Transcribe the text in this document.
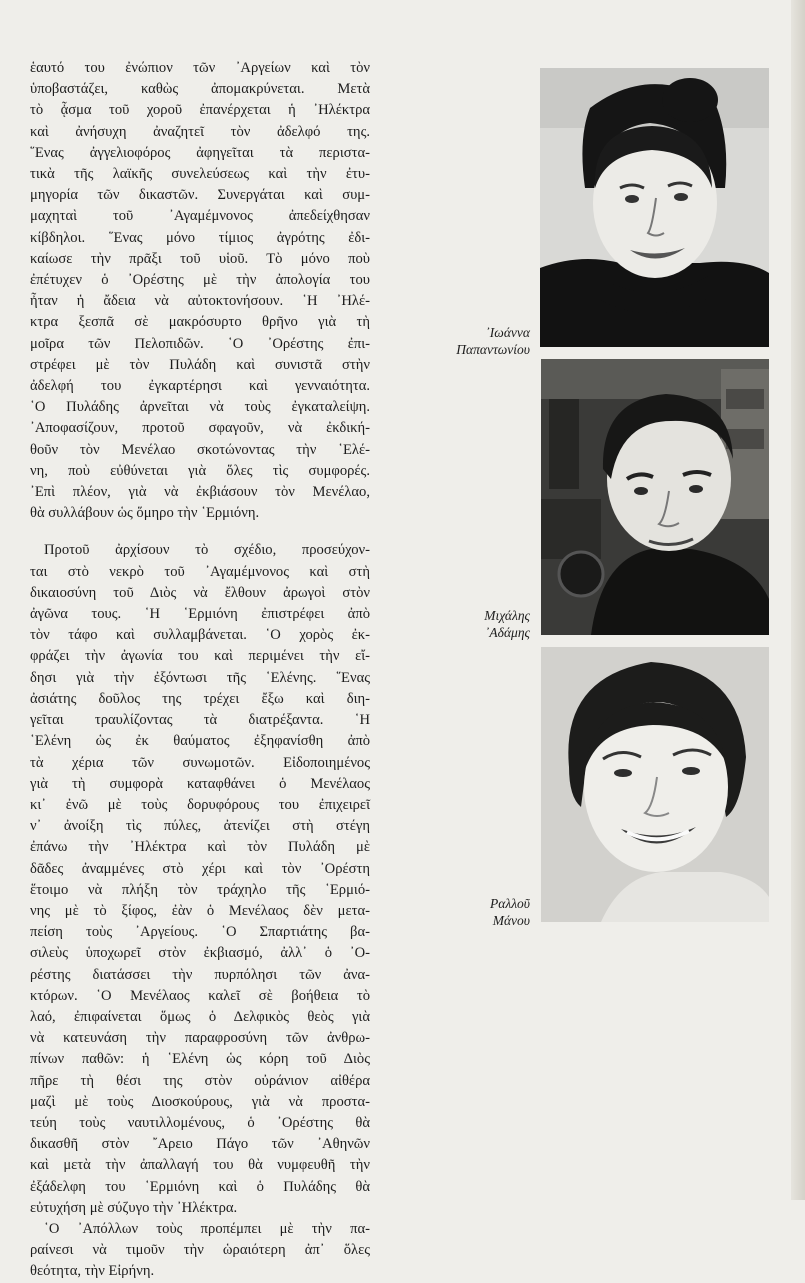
ἑαυτό του ἐνώπιον τῶν ᾿Αργείων καὶ τὸν
ὑποβαστάζει, καθὼς ἀπομακρύνεται. Μετὰ
τὸ ᾆσμα τοῦ χοροῦ ἐπανέρχεται ἡ ᾿Ηλέκτρα
καὶ ἀνήσυχη ἀναζητεῖ τὸν ἀδελφό της.
῞Ενας ἀγγελιοφόρος ἀφηγεῖται τὰ περιστα-
τικὰ τῆς λαϊκῆς συνελεύσεως καὶ τὴν ἐτυ-
μηγορία τῶν δικαστῶν. Συνεργάται καὶ συμ-
μαχηταὶ τοῦ ᾿Αγαμέμνονος ἀπεδείχθησαν
κίβδηλοι. ῞Ενας μόνο τίμιος ἀγρότης ἐδι-
καίωσε τὴν πρᾶξι τοῦ υἱοῦ. Τὸ μόνο ποὺ
ἐπέτυχεν ὁ ᾿Ορέστης μὲ τὴν ἀπολογία του
ἦταν ἡ ἄδεια νὰ αὐτοκτονήσουν. ῾Η ᾿Ηλέ-
κτρα ξεσπᾶ σὲ μακρόσυρτο θρῆνο γιὰ τὴ
μοῖρα τῶν Πελοπιδῶν. ῾Ο ᾿Ορέστης ἐπι-
στρέφει μὲ τὸν Πυλάδη καὶ συνιστᾶ στὴν
ἀδελφή του ἐγκαρτέρησι καὶ γενναιότητα.
῾Ο Πυλάδης ἀρνεῖται νὰ τοὺς ἐγκαταλείψη.
᾿Αποφασίζουν, προτοῦ σφαγοῦν, νὰ ἐκδική-
θοῦν τὸν Μενέλαο σκοτώνοντας τὴν ῾Ελέ-
νη, ποὺ εὐθύνεται γιὰ ὅλες τὶς συμφορές.
᾿Επὶ πλέον, γιὰ νὰ ἐκβιάσουν τὸν Μενέλαο,
θὰ συλλάβουν ὡς ὅμηρο τὴν ῾Ερμιόνη.

Προτοῦ ἀρχίσουν τὸ σχέδιο, προσεύχον-
ται στὸ νεκρὸ τοῦ ᾿Αγαμέμνονος καὶ στὴ
δικαιοσύνη τοῦ Διὸς νὰ ἔλθουν ἀρωγοὶ στὸν
ἀγῶνα τους. ῾Η ῾Ερμιόνη ἐπιστρέφει ἀπὸ
τὸν τάφο καὶ συλλαμβάνεται. ῾Ο χορὸς ἐκ-
φράζει τὴν ἀγωνία του καὶ περιμένει τὴν εἴ-
δησι γιὰ τὴν ἐξόντωσι τῆς ῾Ελένης. ῞Ενας
ἀσιάτης δοῦλος της τρέχει ἔξω καὶ διη-
γεῖται τραυλίζοντας τὰ διατρέξαντα. ῾Η
῾Ελένη ὡς ἐκ θαύματος ἐξηφανίσθη ἀπὸ
τὰ χέρια τῶν συνωμοτῶν. Εἰδοποιημένος
γιὰ τὴ συμφορὰ καταφθάνει ὁ Μενέλαος
κι᾿ ἐνῶ μὲ τοὺς δορυφόρους του ἐπιχειρεῖ
ν᾿ ἀνοίξη τὶς πύλες, ἀτενίζει στὴ στέγη
ἐπάνω τὴν ᾿Ηλέκτρα καὶ τὸν Πυλάδη μὲ
δᾶδες ἀναμμένες στὸ χέρι καὶ τὸν ᾿Ορέστη
ἕτοιμο νὰ πλήξη τὸν τράχηλο τῆς ῾Ερμιό-
νης μὲ τὸ ξίφος, ἐὰν ὁ Μενέλαος δὲν μετα-
πείση τοὺς ᾿Αργείους. ῾Ο Σπαρτιάτης βα-
σιλεὺς ὑποχωρεῖ στὸν ἐκβιασμό, ἀλλ᾿ ὁ ᾿Ο-
ρέστης διατάσσει τὴν πυρπόλησι τῶν ἀνα-
κτόρων. ῾Ο Μενέλαος καλεῖ σὲ βοήθεια τὸ
λαό, ἐπιφαίνεται ὅμως ὁ Δελφικὸς θεὸς γιὰ
νὰ κατευνάση τὴν παραφροσύνη τῶν ἀνθρω-
πίνων παθῶν: ἡ ῾Ελένη ὡς κόρη τοῦ Διὸς
πῆρε τὴ θέσι της στὸν οὐράνιον αἰθέρα
μαζὶ μὲ τοὺς Διοσκούρους, γιὰ νὰ προστα-
τεύη τοὺς ναυτιλλομένους, ὁ ᾿Ορέστης θὰ
δικασθῆ στὸν ῎Αρειο Πάγο τῶν ᾿Αθηνῶν
καὶ μετὰ τὴν ἀπαλλαγή του θὰ νυμφευθῆ τὴν
ἐξάδελφη του ῾Ερμιόνη καὶ ὁ Πυλάδης θὰ
εὐτυχήση μὲ σύζυγο τὴν ᾿Ηλέκτρα.

῾Ο ᾿Απόλλων τοὺς προπέμπει μὲ τὴν πα-
ραίνεσι νὰ τιμοῦν τὴν ὡραιότερη ἀπ᾿ ὅλες
θεότητα, τὴν Εἰρήνη.

᾿Ιωάννα
Παπαντωνίου
Μιχάλης
᾿Αδάμης
Ραλλοῦ
Μάνου
